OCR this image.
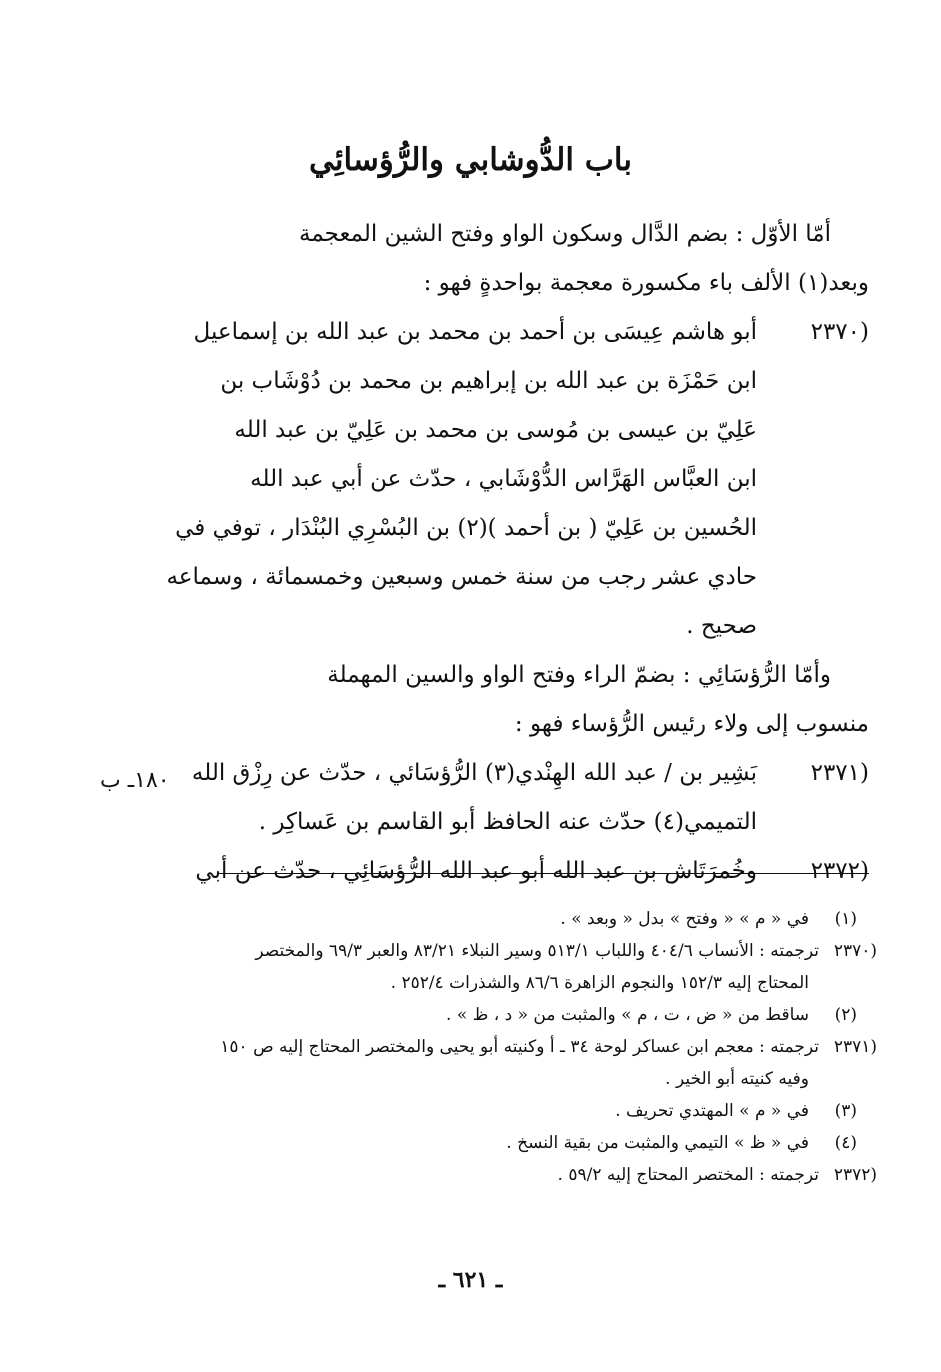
باب الدُّوشابي والرُّؤسائِي
أمّا الأوّل : بضم الدَّال وسكون الواو وفتح الشين المعجمة
وبعد(١) الألف باء مكسورة معجمة بواحدةٍ فهو :
(٢٣٧٠
أبو هاشم عِيسَى بن أحمد بن محمد بن عبد الله بن إسماعيل
ابن حَمْزَة بن عبد الله بن إبراهيم بن محمد بن دُوْشَاب بن
عَلِيّ بن عيسى بن مُوسى بن محمد بن عَلِيّ بن عبد الله
ابن العبَّاس الهَرَّاس الدُّوْشَابي ، حدّث عن أبي عبد الله
الحُسين بن عَلِيّ ( بن أحمد )(٢) بن البُسْرِي البُنْدَار ، توفي في
حادي عشر رجب من سنة خمس وسبعين وخمسمائة ، وسماعه
صحيح .
وأمّا الرُّؤسَائِي : بضمّ الراء وفتح الواو والسين المهملة
منسوب إلى ولاء رئيس الرُّؤساء فهو :
(٢٣٧١
بَشِير بن / عبد الله الهِنْدي(٣) الرُّؤسَائي ، حدّث عن رِزْق الله
التميمي(٤) حدّث عنه الحافظ أبو القاسم بن عَساكِر .
(٢٣٧٢
وخُمرَتَاش بن عبد الله أبو عبد الله الرُّؤسَائِي ، حدّث عن أبي
١٨٠ـ ب
(١)في « م » « وفتح » بدل « وبعد » .
(٢٣٧٠ترجمته : الأنساب ٤٠٤/٦ واللباب ٥١٣/١ وسير النبلاء ٨٣/٢١ والعبر ٦٩/٣ والمختصر
المحتاج إليه ١٥٢/٣ والنجوم الزاهرة ٨٦/٦ والشذرات ٢٥٢/٤ .
(٢)ساقط من « ض ، ت ، م » والمثبت من « د ، ظ » .
(٢٣٧١ترجمته : معجم ابن عساكر لوحة ٣٤ ـ أ وكنيته أبو يحيى والمختصر المحتاج إليه ص ١٥٠
وفيه كنيته أبو الخير .
(٣)في « م » المهتدي تحريف .
(٤)في « ظ » التيمي والمثبت من بقية النسخ .
(٢٣٧٢ترجمته : المختصر المحتاج إليه ٥٩/٢ .
ـ ٦٢١ ـ
